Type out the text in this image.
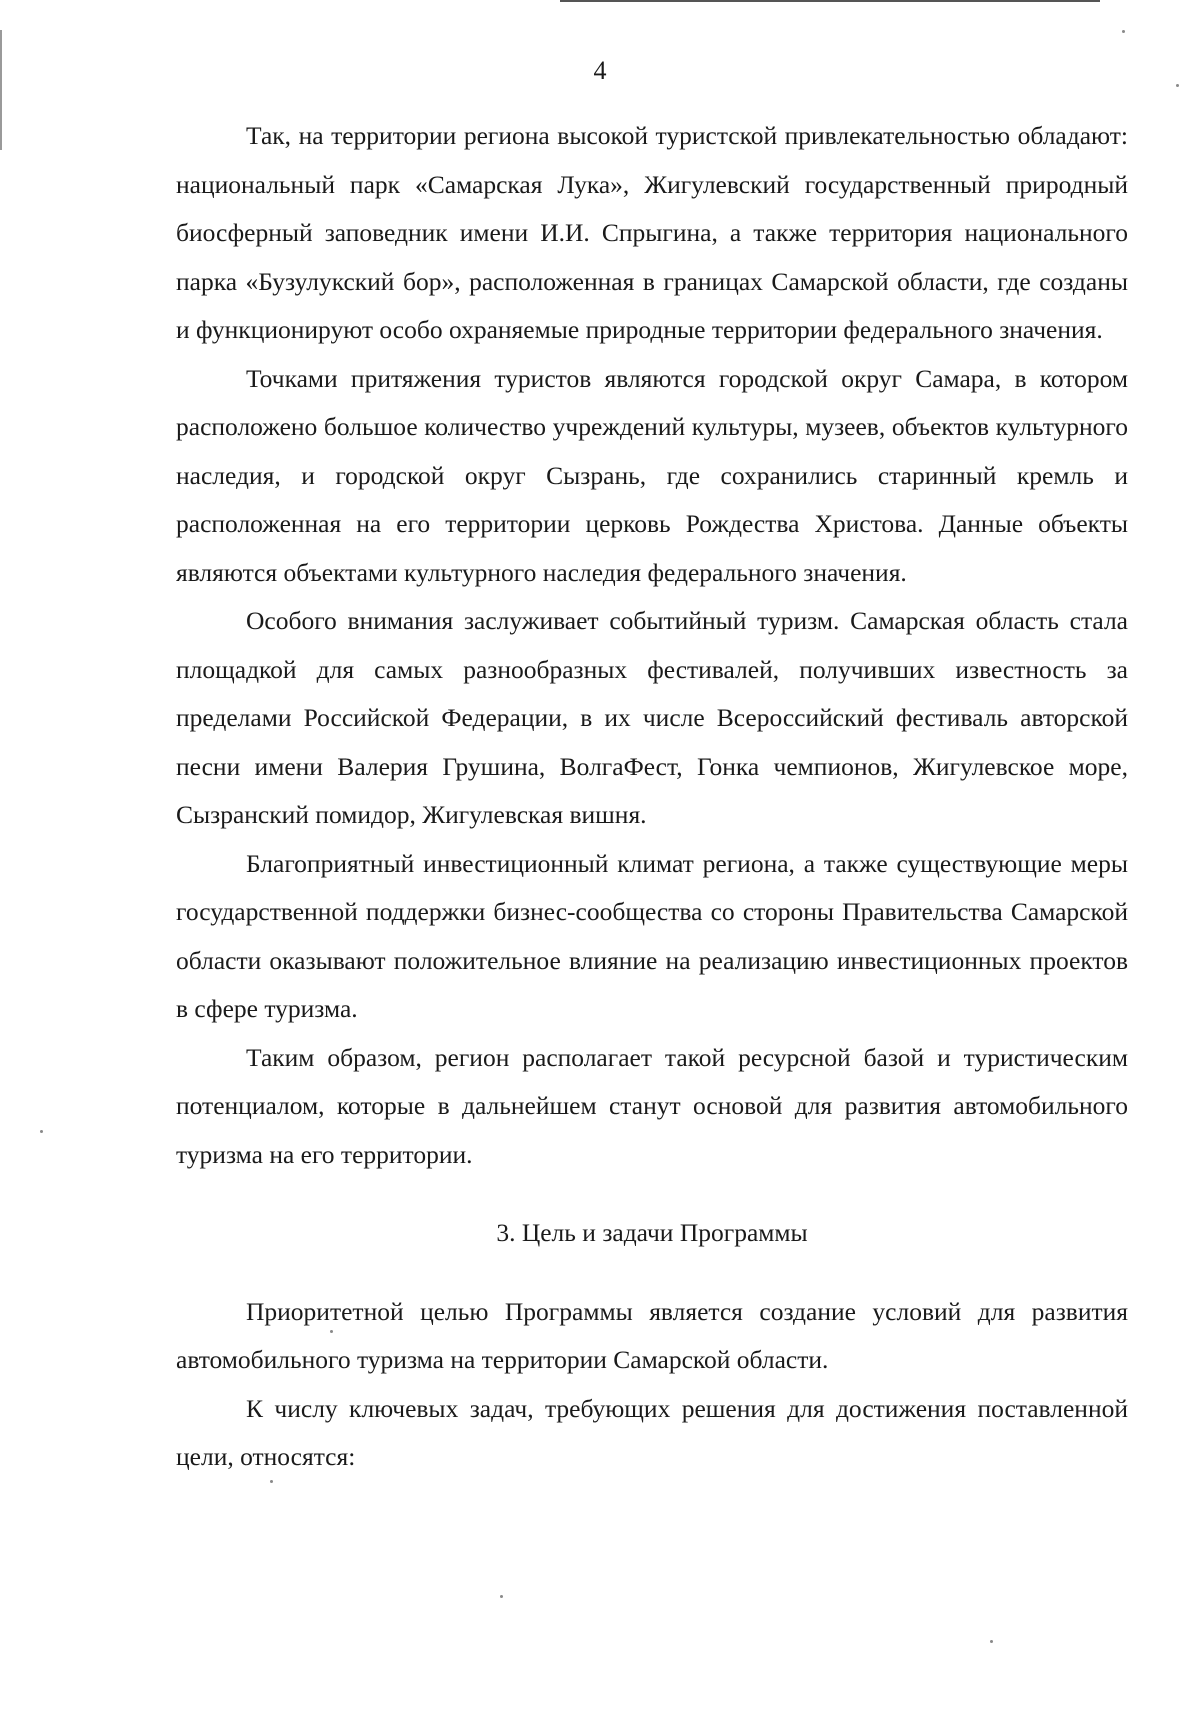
4

Так, на территории региона высокой туристской привлекательностью обладают: национальный парк «Самарская Лука», Жигулевский государственный природный биосферный заповедник имени И.И. Спрыгина, а также территория национального парка «Бузулукский бор», расположенная в границах Самарской области, где созданы и функционируют особо охраняемые природные территории федерального значения.

Точками притяжения туристов являются городской округ Самара, в котором расположено большое количество учреждений культуры, музеев, объектов культурного наследия, и городской округ Сызрань, где сохранились старинный кремль и расположенная на его территории церковь Рождества Христова. Данные объекты являются объектами культурного наследия федерального значения.

Особого внимания заслуживает событийный туризм. Самарская область стала площадкой для самых разнообразных фестивалей, получивших известность за пределами Российской Федерации, в их числе Всероссийский фестиваль авторской песни имени Валерия Грушина, ВолгаФест, Гонка чемпионов, Жигулевское море, Сызранский помидор, Жигулевская вишня.

Благоприятный инвестиционный климат региона, а также существующие меры государственной поддержки бизнес-сообщества со стороны Правительства Самарской области оказывают положительное влияние на реализацию инвестиционных проектов в сфере туризма.

Таким образом, регион располагает такой ресурсной базой и туристическим потенциалом, которые в дальнейшем станут основой для развития автомобильного туризма на его территории.

3. Цель и задачи Программы

Приоритетной целью Программы является создание условий для развития автомобильного туризма на территории Самарской области.

К числу ключевых задач, требующих решения для достижения поставленной цели, относятся:
